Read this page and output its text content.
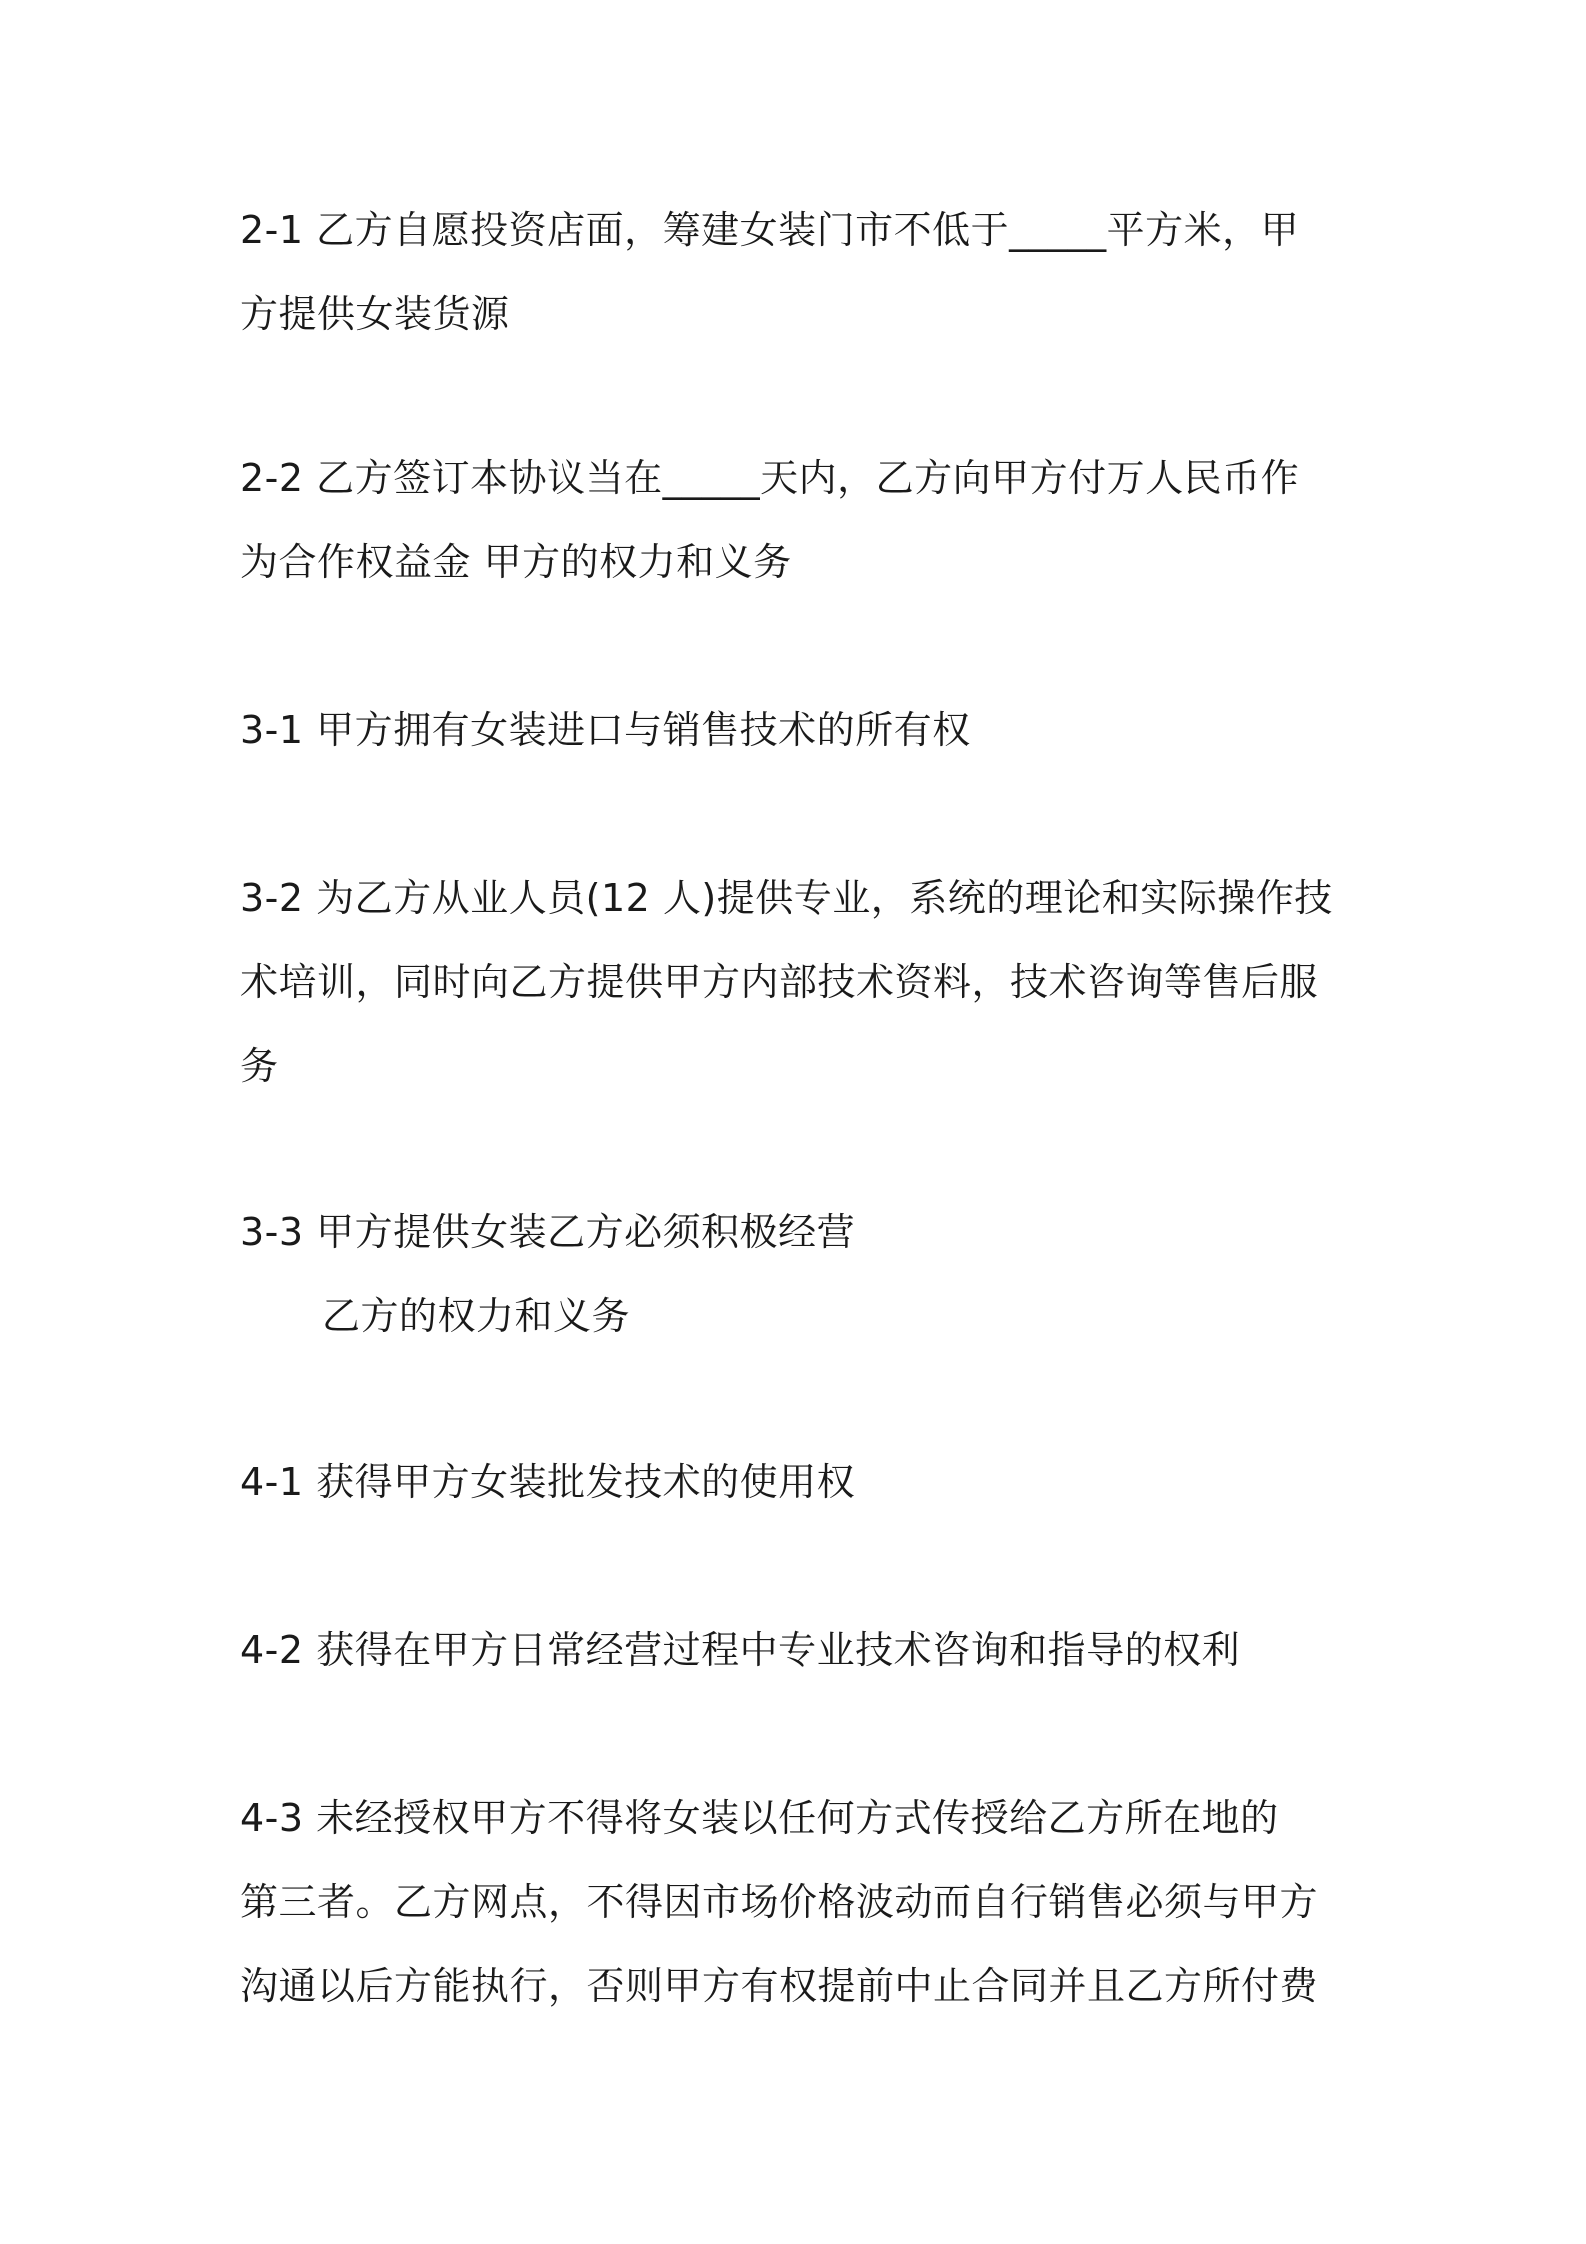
2-1 乙方自愿投资店面，筹建女装门市不低于_____平方米，甲
方提供女装货源

2-2 乙方签订本协议当在_____天内，乙方向甲方付万人民币作
为合作权益金 甲方的权力和义务

3-1 甲方拥有女装进口与销售技术的所有权

3-2 为乙方从业人员(12 人)提供专业，系统的理论和实际操作技
术培训，同时向乙方提供甲方内部技术资料，技术咨询等售后服
务

3-3 甲方提供女装乙方必须积极经营
乙方的权力和义务

4-1 获得甲方女装批发技术的使用权

4-2 获得在甲方日常经营过程中专业技术咨询和指导的权利

4-3 未经授权甲方不得将女装以任何方式传授给乙方所在地的
第三者。乙方网点，不得因市场价格波动而自行销售必须与甲方
沟通以后方能执行，否则甲方有权提前中止合同并且乙方所付费
